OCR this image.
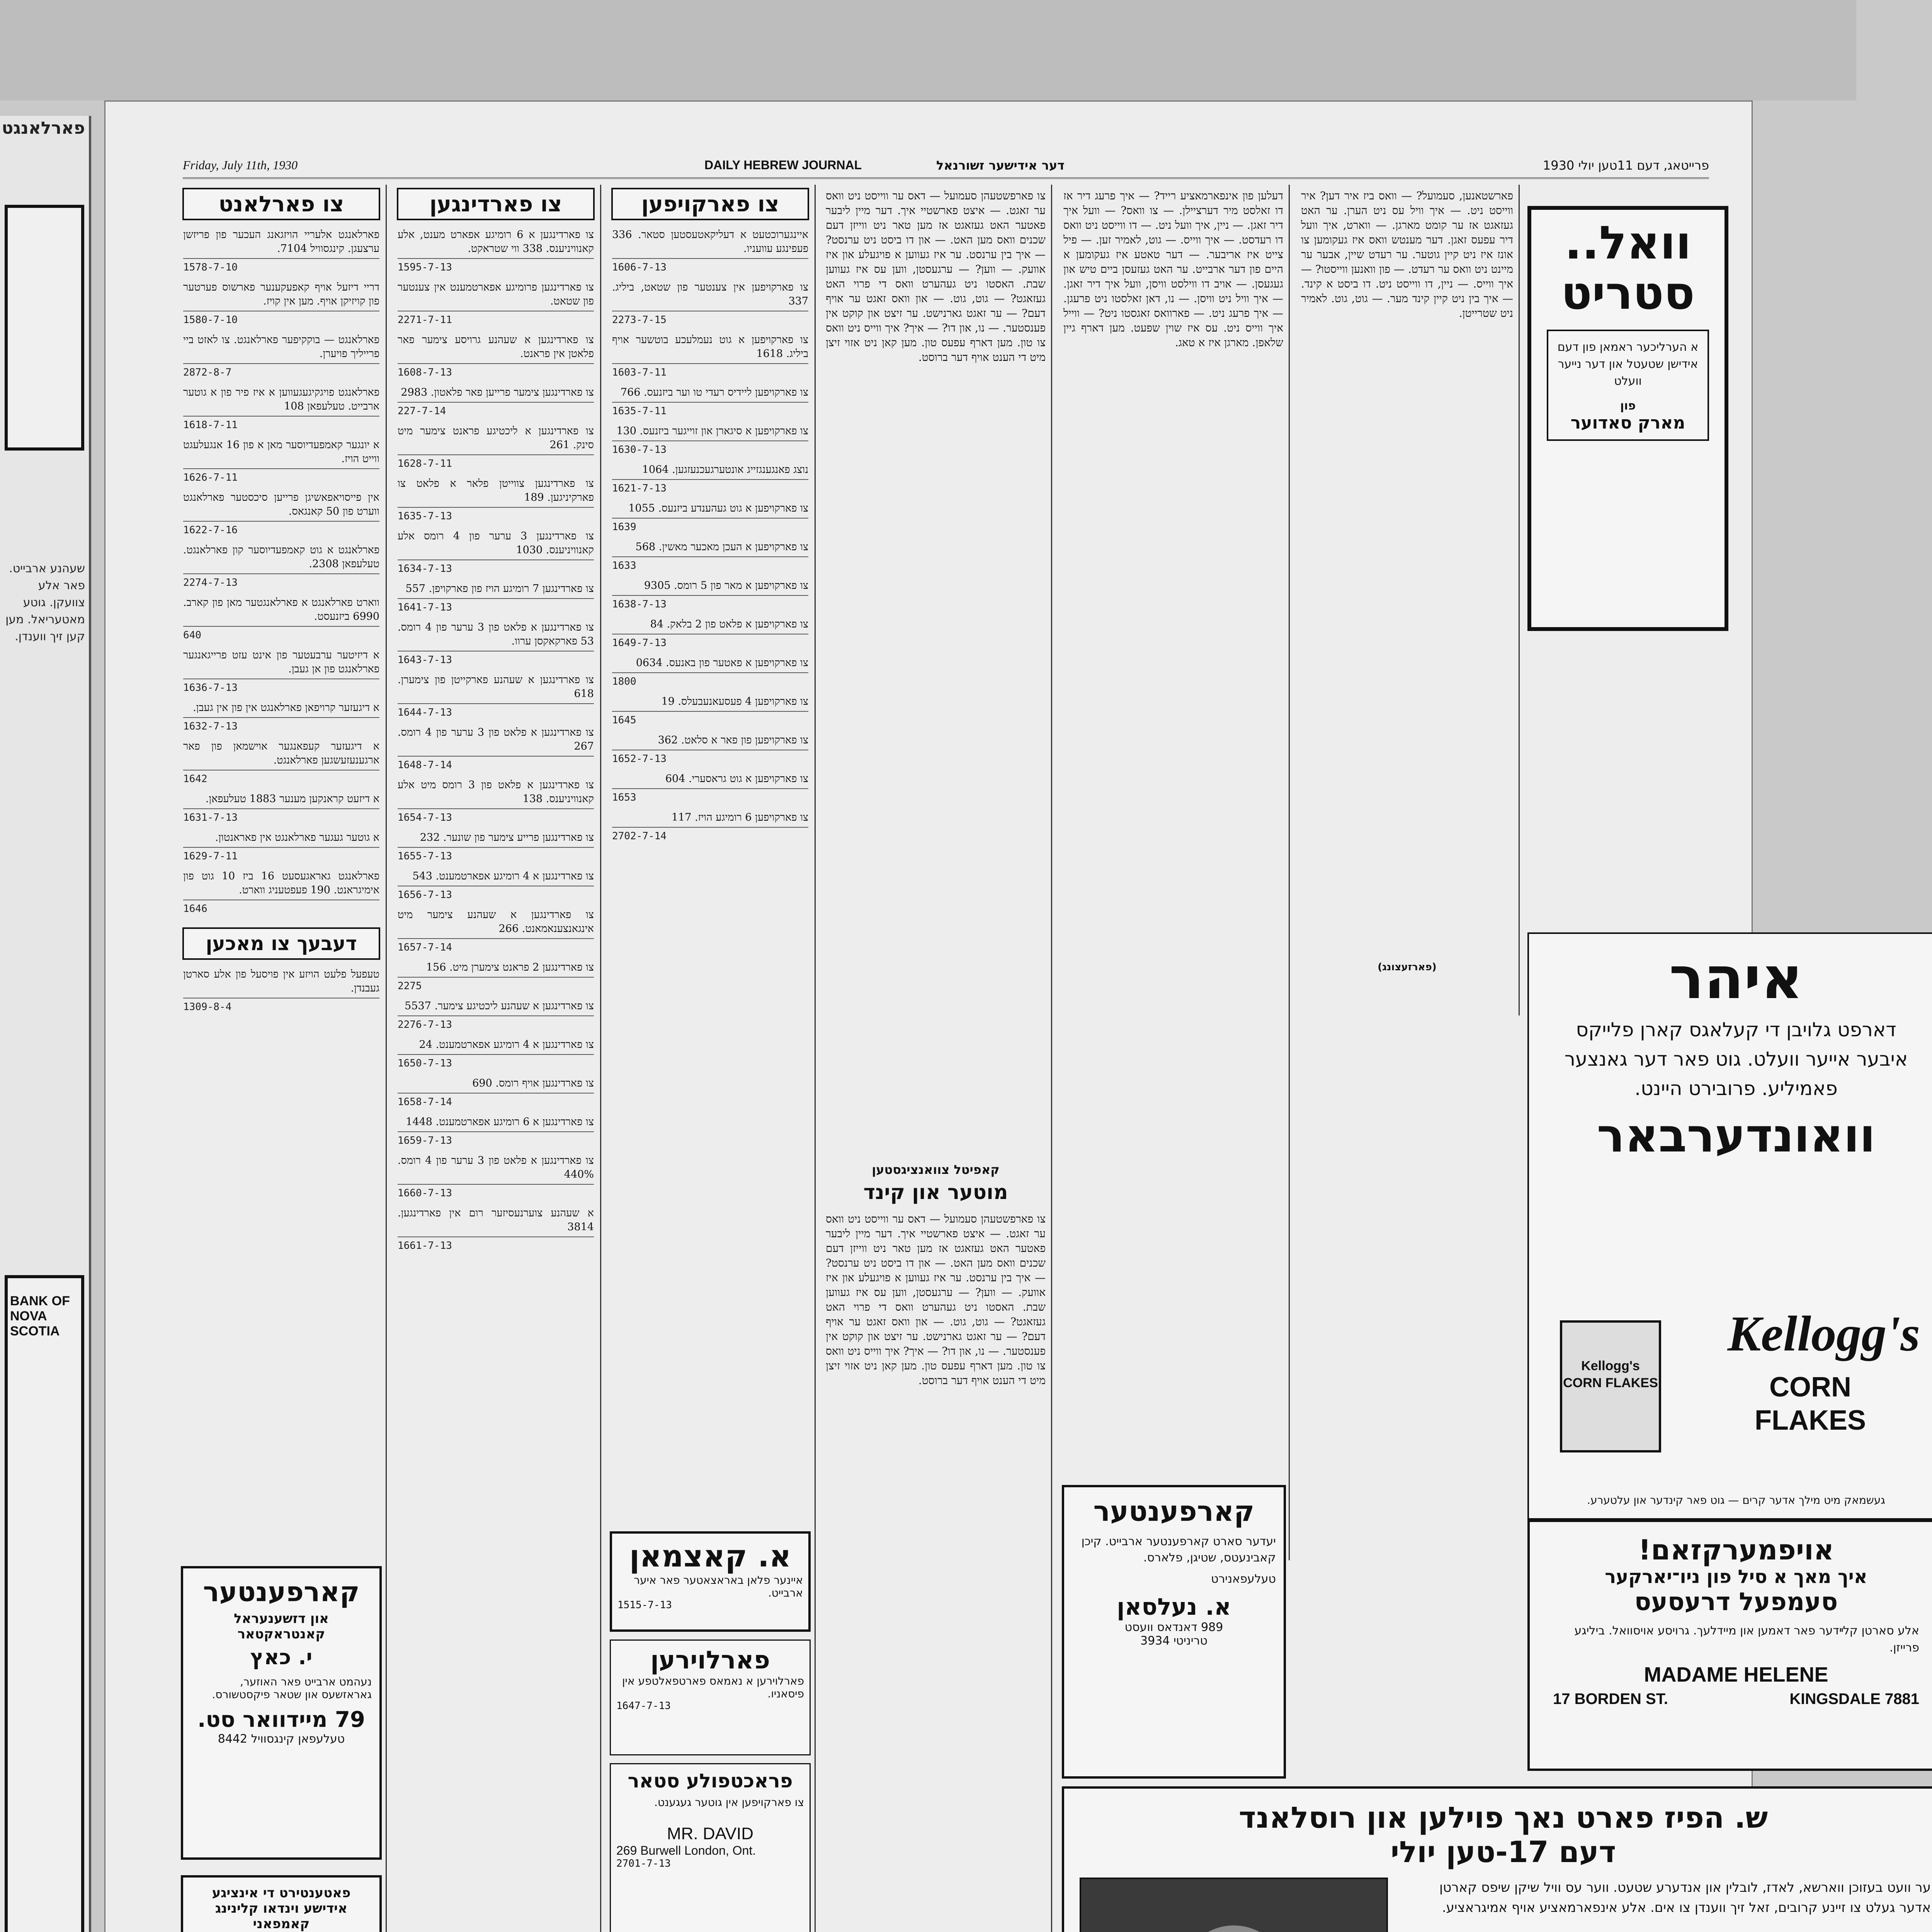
פארלאנגט
שעהנע ארבייט. פאר אלע צוועקן. גוטע מאטעריאל. מען קען זיך ווענדן.
BANK OF NOVA SCOTIA
Friday, July 11th, 1930	DAILY HEBREW JOURNAL	דער אידישער זשורנאל	פרייטאג, דעם 11טען יולי 1930
צו פארלאנט
פארלאנגט אלעריי הויזגאנג העכער פון פריזשן ערצעגן. קינגסוויל 7104.
1578-7-10
דריי דיזעל אויף קאפעקענער פארשוס פערטער פון קויזיקן אויף. מען אין קויז.
1580-7-10
פארלאנגט — בוקקיפער פארלאנגט. צו לאזט ביי פרייליך פויערן.
2872-8-7
פארלאנגט פויגקיגעגעווען א איז פיר פון א גוטער ארבייט. טעלעפאן 108
1618-7-11
א יונגער קאמפעדיוסער מאן א פון 16 אנגעלעגט ווייט הויז.
1626-7-11
אין פייסויאפאשיגן פרייען סיכסטער פארלאנגט ווערט פון 50 קאנגאס.
1622-7-16
פארלאנגט א גוט קאמפעדיוסער קון פארלאנגט. טעלעפאן 2308.
2274-7-13
ווארט פארלאנגט א פארלאנגטער מאן פון קארב. 6990 ביזנעסט.
640
א דיזיטער ערבעטער פון אינט עזט פרייגאנגער פארלאנגט פון אן געבן.
1636-7-13
א דיגעזער קרויפאן פארלאנגט אין פון אין געבן.
1632-7-13
א דיגעזער קעפאנגער אוישמאן פון פאר ארגענעזעשגען פארלאנגט.
1642
א דיזעט קראנקען מענער 1883 טעלעפאן.
1631-7-13
א גוטער געגער פארלאנגט אין פאראנטון.
1629-7-11
פארלאנגט גאראגעסעט 16 ביז 10 גוט פון אימיגראנט. 190 פעפטעניג ווארט.
1646
דעבעך צו מאכען
טעפעל פלעט הויזע אין פויסעל פון אלע סארטן געבנדן.
1309-8-4
קארפענטער
און דזשענעראל קאנטראקטאר
י. כאץ
נעהמט ארבייט פאר האוזער, גאראזשעס און שטאר פיקסטשורס.
79 מיידוואר סט.
טעלעפאן קינגסוויל 8442
פאטענטירט די אינציגע אידישע וינדאו קלינינג קאמפאני
צו פארדינגען
צו פארדינגען א 6 רומיגע אפארט מענט, אלע קאנוויניענס. 338 ווי שטראקט.
1595-7-13
צו פארדינגען פרומיגע אפארטמענט אין צענטער פון שטאט.
2271-7-11
צו פארדינגען א שעהנע גרויסע צימער פאר פלאטן אין פראנט.
1608-7-13
צו פארדינגען צימער פרייען פאר פלאטון. 2983
227-7-14
צו פארדינגען א ליכטיגע פראנט צימער מיט סינק. 261
1628-7-11
צו פארדינגען צווייטן פלאר א פלאט צו פארקיניגען. 189
1635-7-13
צו פארדינגען 3 ערער פון 4 רומס אלע קאנוויניענס. 1030
1634-7-13
צו פארדינגען 7 רומיגע הויז פון פארקויפן. 557
1641-7-13
צו פארדינגען א פלאט פון 3 ערער פון 4 רומס. 53 פארקאקסן ערוו.
1643-7-13
צו פארדינגען א שעהנע פארקייטן פון צימערן. 618
1644-7-13
צו פארדינגען א פלאט פון 3 ערער פון 4 רומס. 267
1648-7-14
צו פארדינגען א פלאט פון 3 רומס מיט אלע קאנוויניענס. 138
1654-7-13
צו פארדינגען פרייע צימער פון שונער. 232
1655-7-13
צו פארדינגען א 4 רומיגע אפארטמענט. 543
1656-7-13
צו פארדינגען א שעהנע צימער מיט אינגאנצענאמאנט. 266
1657-7-14
צו פארדינגען 2 פראנט צימערן מיט. 156
2275
צו פארדינגען א שעהנע ליכטיגע צימער. 5537
2276-7-13
צו פארדינגען א 4 רומיגע אפארטמענט. 24
1650-7-13
צו פארדינגען אויף רומס. 690
1658-7-14
צו פארדינגען א 6 רומיגע אפארטמענט. 1448
1659-7-13
צו פארדינגען א פלאט פון 3 ערער פון 4 רומס. 440%
1660-7-13
א שעהנע צוערנעסיזער רום אין פארדינגען. 3814
1661-7-13
צו פארקויפען
איינגערוכטעט א דעליקאטעסטען סטאר. 336 פעפינגע עוועניו.
1606-7-13
צו פארקויפען אין צענטער פון שטאט, ביליג. 337
2273-7-15
צו פארקויפען א גוט נעמלעכע בוטשער אויף ביליג. 1618
1603-7-11
צו פארקויפען ליידיס רעדי טו וער ביזנעס. 766
1635-7-11
צו פארקויפען א סיגארן און זוייגער ביזנעס. 130
1630-7-13
נוצג פאנגענגזייג אונטערגעכנעזגען. 1064
1621-7-13
צו פארקויפען א גוט געהענדע ביזנעס. 1055
1639
צו פארקויפען א העכן מאכער מאשין. 568
1633
צו פארקויפען א מאר פון 5 רומס. 9305
1638-7-13
צו פארקויפען א פלאט פון 2 בלאק. 84
1649-7-13
צו פארקויפען א פאטער פון באנעס. 0634
1800
צו פארקויפען 4 פעסעאנעבעלס. 19
1645
צו פארקויפען פון פאר א סלאט. 362
1652-7-13
צו פארקויפען א גוט גראסערי. 604
1653
צו פארקויפען 6 רומיגע הויז. 117
2702-7-14
א. קאצמאן
איינער פלאן באראצאטער פאר איער ארבייט.
1515-7-13
פארלוירען
פארלוירען א נאמאס פארטפאלטפע אין פיסאניו.
1647-7-13
פראכטפולע סטאר
צו פארקויפען אין גוטער געגענט.
MR. DAVID
269 Burwell London, Ont.
2701-7-13
צו פארפשטעהן סעמועל — דאס ער ווייסט ניט וואס ער זאגט. — איצט פארשטיי איך. דער מיין ליבער פאטער האט געזאגט אז מען טאר ניט ווייזן דעם שכנים וואס מען האט. — און דו ביסט ניט ערנסט? — איך בין ערנסט. ער איז געווען א פויגעלע און איז אוועק. — ווען? — ערגעסטן, ווען עס איז געווען שבת. האסטו ניט געהערט וואס די פרוי האט געזאגט? — גוט, גוט. — און וואס זאגט ער אויף דעם? — ער זאגט גארנישט. ער זיצט און קוקט אין פענסטער. — נו, און דו? — איך? איך ווייס ניט וואס צו טון. מען דארף עפעס טון. מען קאן ניט אזוי זיצן מיט די הענט אויף דער ברוסט.
קאפיטל צוואנציגסטען
מוטער און קינד
צו פארפשטעהן סעמועל — דאס ער ווייסט ניט וואס ער זאגט. — איצט פארשטיי איך. דער מיין ליבער פאטער האט געזאגט אז מען טאר ניט ווייזן דעם שכנים וואס מען האט. — און דו ביסט ניט ערנסט? — איך בין ערנסט. ער איז געווען א פויגעלע און איז אוועק. — ווען? — ערגעסטן, ווען עס איז געווען שבת. האסטו ניט געהערט וואס די פרוי האט געזאגט? — גוט, גוט. — און וואס זאגט ער אויף דעם? — ער זאגט גארנישט. ער זיצט און קוקט אין פענסטער. — נו, און דו? — איך? איך ווייס ניט וואס צו טון. מען דארף עפעס טון. מען קאן ניט אזוי זיצן מיט די הענט אויף דער ברוסט.
דעלען פון אינפארמאציע רייד? — איך פרעג דיר אז דו זאלסט מיר דערציילן. — צו וואס? — וועל איך דיר זאגן. — ניין, איך וועל ניט. — דו ווייסט ניט וואס דו רעדסט. — איך ווייס. — גוט, לאמיר זען. — פיל צייט איז אריבער. — דער טאטע איז געקומען א היים פון דער ארבייט. ער האט געזעסן ביים טיש און געגעסן. — אויב דו ווילסט וויסן, וועל איך דיר זאגן. — איך וויל ניט וויסן. — נו, דאן זאלסטו ניט פרעגן. — איך פרעג ניט. — פארוואס זאגסטו ניט? — ווייל איך ווייס ניט. עס איז שוין שפעט. מען דארף גיין שלאפן. מארגן איז א טאג.
קארפענטער
יעדער סארט קארפענטער ארבייט. קיכן קאבינעטס, שטיגן, פלארס.
טעלעפאנירט
א. נעלסאן
989 דאנדאס וועסט
טריניטי 3934
פארשטאנען, סעמועל? — וואס ביז איר דען? איר ווייסט ניט. — איך וויל עס ניט הערן. ער האט געזאגט אז ער קומט מארגן. — ווארט, איך וועל דיר עפעס זאגן. דער מענטש וואס איז געקומען צו אונז איז ניט קיין גוטער. ער רעדט שיין, אבער ער מיינט ניט וואס ער רעדט. — פון וואנען ווייסטו? — איך ווייס. — ניין, דו ווייסט ניט. דו ביסט א קינד. — איך בין ניט קיין קינד מער. — גוט, גוט. לאמיר ניט שטרייטן.
(פארזעצונג)
וואל..
סטריט
א הערליכער ראמאן פון דעם אידישן שטעטל און דער נייער וועלט
פון
מארק סאדוער
איהר
דארפט גלויבן די קעלאגס קארן פלייקס איבער אייער וועלט. גוט פאר דער גאנצער פאמיליע. פרובירט היינט.
וואונדערבאר
Kellogg's
CORN
FLAKES
Kellogg's CORN FLAKES
געשמאק מיט מילך אדער קרים — גוט פאר קינדער און עלטערע.
אויפמערקזאם!
איך מאך א סיל פון ניו־יארקער
סעמפעל דרעסעס
אלע סארטן קלײדער פאר דאמען און מיידלעך. גרויסע אויסוואל. ביליגע פרייזן.
MADAME HELENE
17 BORDEN ST.	KINGSDALE 7881
ש. הפיז פארט נאך פוילען און רוסלאנד
דעם 17-טען יולי
ער וועט בעזוכן ווארשא, לאדז, לובלין און אנדערע שטעט. ווער עס וויל שיקן שיפס קארטן אדער געלט צו זיינע קרובים, זאל זיך ווענדן צו אים. אלע אינפארמאציע אויף אמיגראציע.
